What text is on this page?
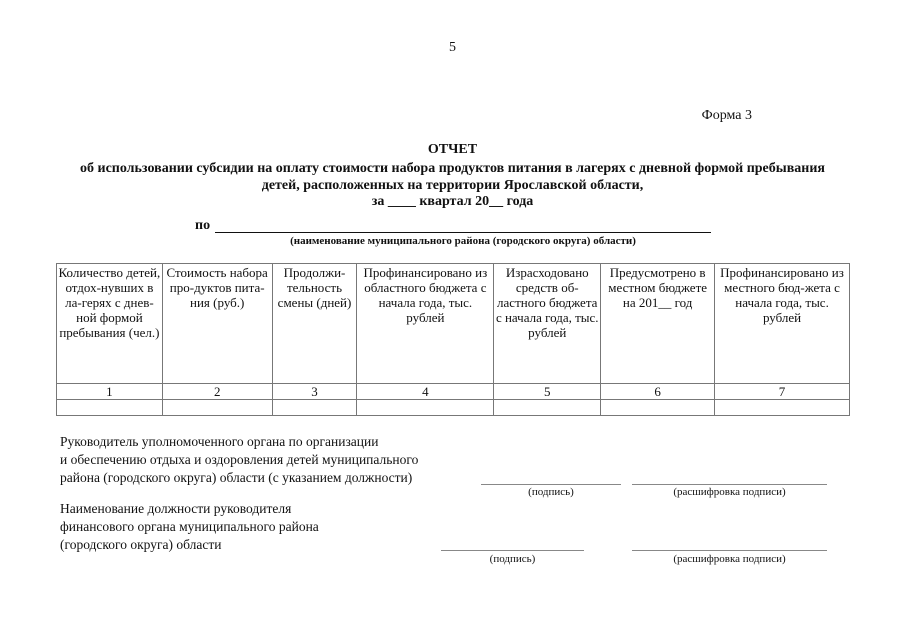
5
Форма 3
ОТЧЕТ
об использовании субсидии на оплату стоимости набора продуктов питания в лагерях с дневной формой пребывания детей, расположенных на территории Ярославской области,
за ____ квартал 20__ года
по
(наименование муниципального района (городского округа) области)
Количество детей, отдох-нувших в ла-герях с днев-ной формой пребывания (чел.)	Стоимость набора про-дуктов пита-ния (руб.)	Продолжи-тельность смены (дней)	Профинансировано из областного бюджета с начала года, тыс. рублей	Израсходовано средств об-ластного бюджета с начала года, тыс. рублей	Предусмотрено в местном бюджете на 201__ год	Профинансировано из местного бюд-жета с начала года, тыс. рублей
1	2	3	4	5	6	7

Руководитель уполномоченного органа по организации
и обеспечению отдыха и оздоровления детей муниципального
района (городского округа) области (с указанием должности)
(подпись)	(расшифровка подписи)
Наименование должности руководителя
финансового органа муниципального района
(городского округа) области
(подпись)	(расшифровка подписи)
